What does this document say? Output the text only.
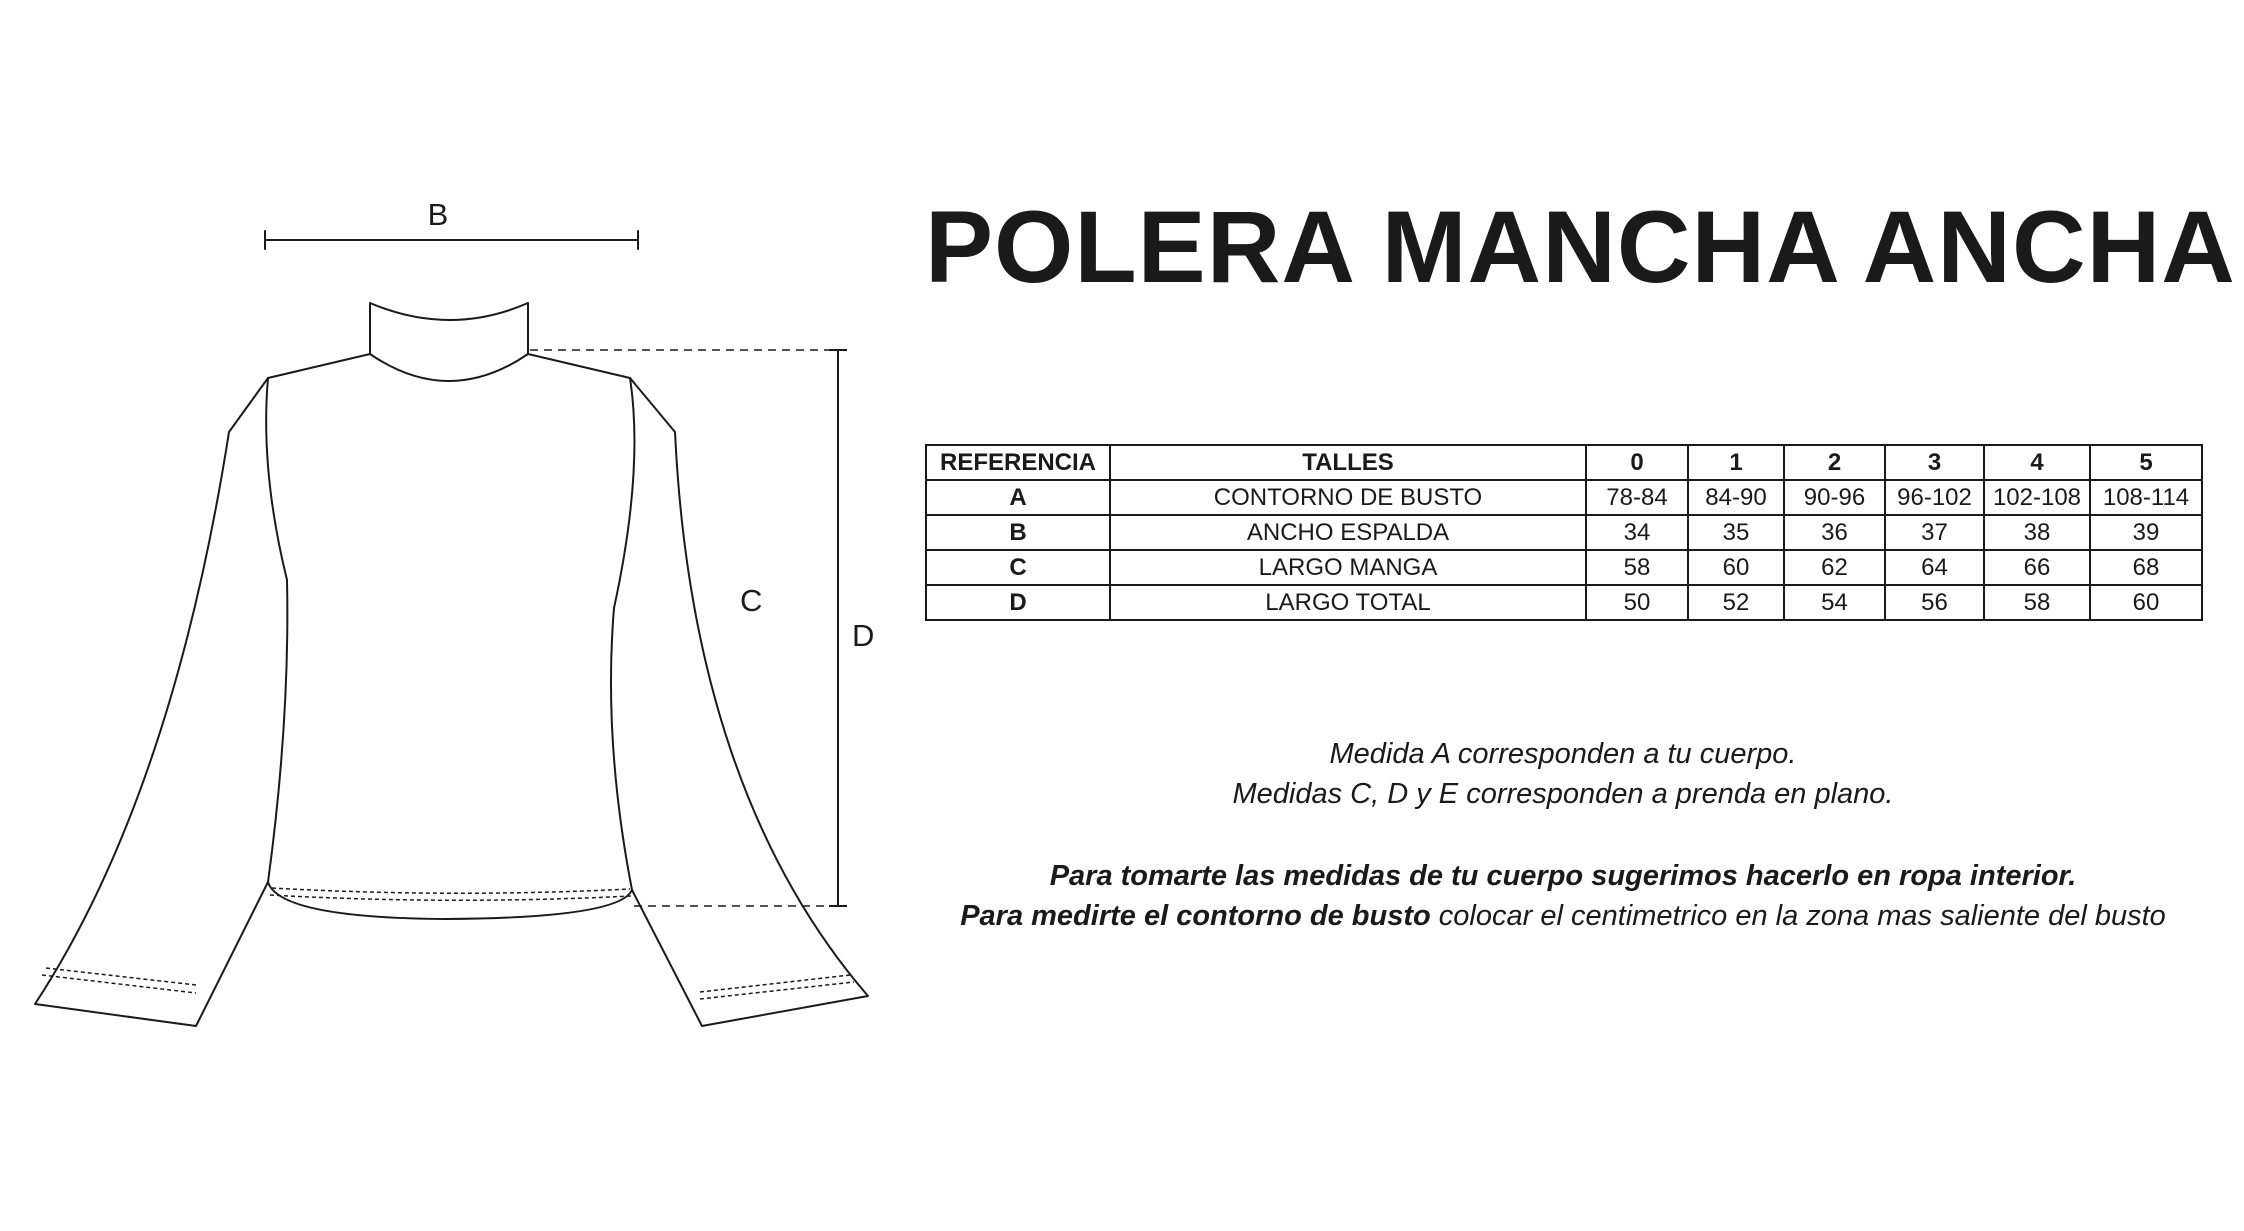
B
C
D
POLERA MANCHA ANCHA
REFERENCIA	TALLES	0	1	2	3	4	5
A	CONTORNO DE BUSTO	78-84	84-90	90-96	96-102	102-108	108-114
B	ANCHO ESPALDA	34	35	36	37	38	39
C	LARGO MANGA	58	60	62	64	66	68
D	LARGO TOTAL	50	52	54	56	58	60

Medida A corresponden a tu cuerpo.

Medidas C, D y E corresponden a prenda en plano.

Para tomarte las medidas de tu cuerpo sugerimos hacerlo en ropa interior.

Para medirte el contorno de busto colocar el centimetrico en la zona mas saliente del busto
